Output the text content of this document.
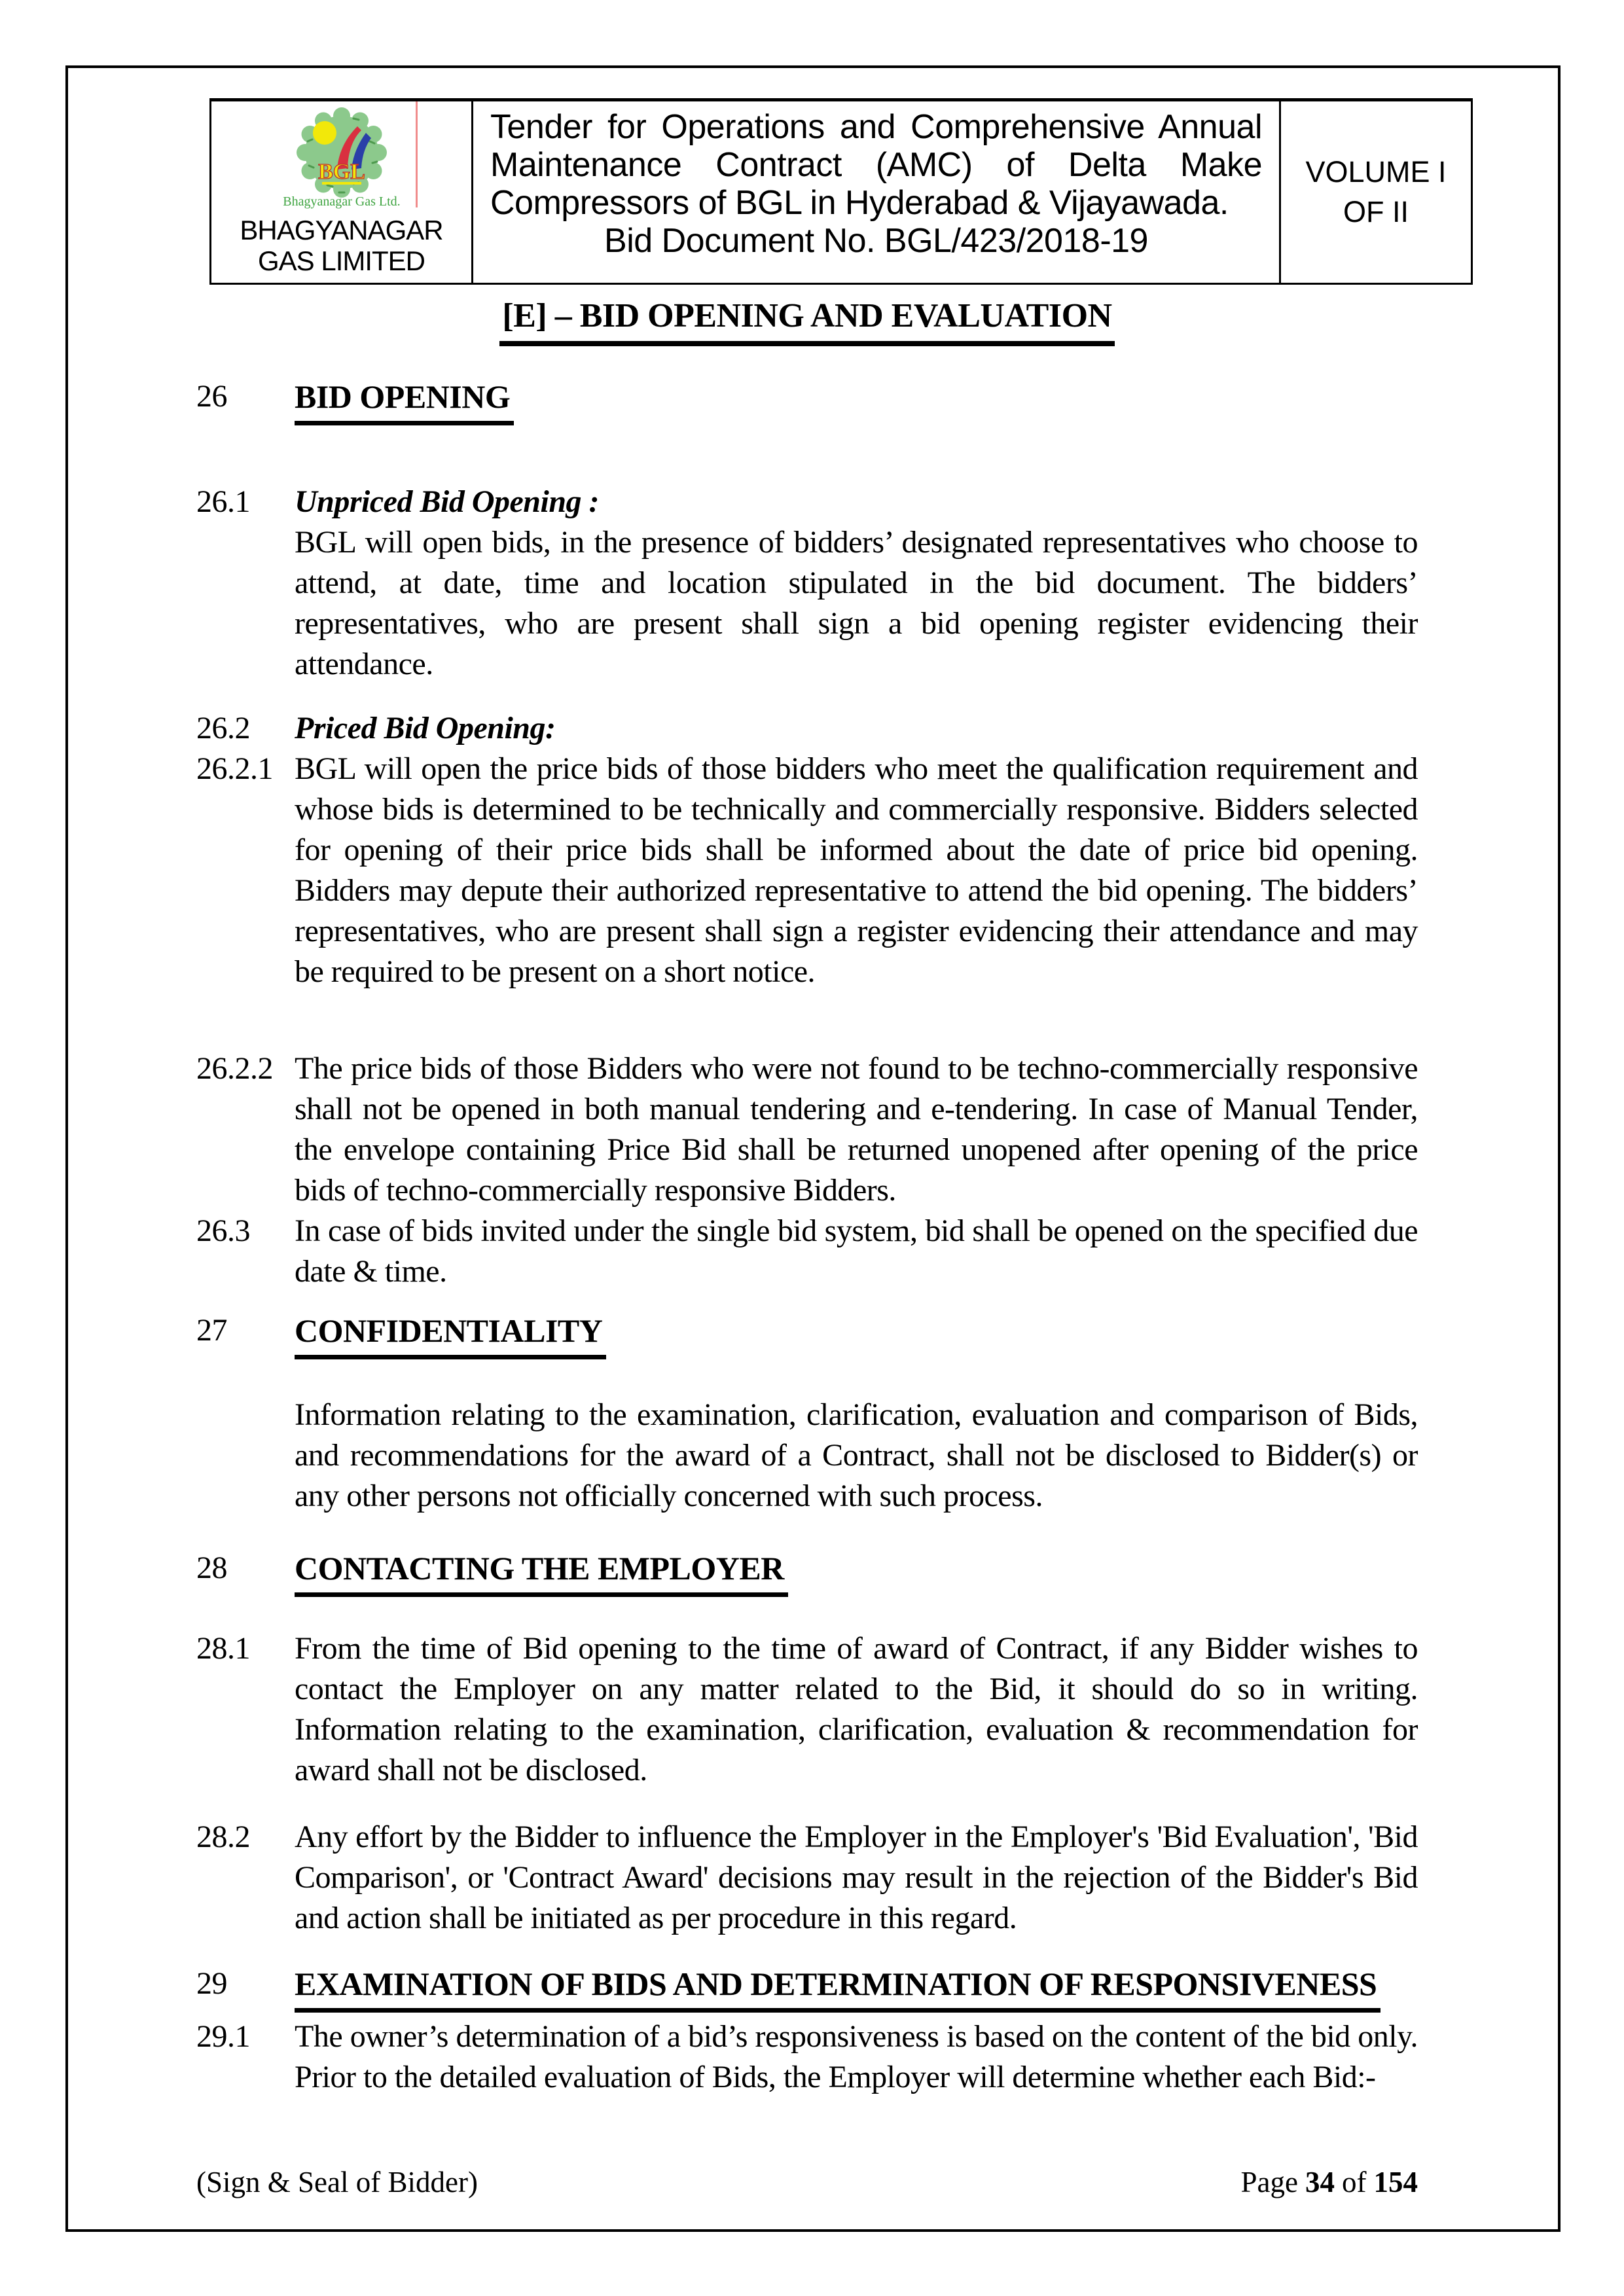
BGL
Bhagyanagar Gas Ltd.
BHAGYANAGAR GAS LIMITED
Tender for Operations and Comprehensive Annual Maintenance Contract (AMC) of Delta Make Compressors of BGL in Hyderabad & Vijayawada.
Bid Document No. BGL/423/2018-19
VOLUME I
OF II
[E] – BID OPENING AND EVALUATION
26	BID OPENING
26.1	Unpriced Bid Opening :
BGL will open bids, in the presence of bidders’ designated representatives who choose to attend, at date, time and location stipulated in the bid document. The bidders’ representatives, who are present shall sign a bid opening register evidencing their attendance.
26.2	Priced Bid Opening:
26.2.1 BGL will open the price bids of those bidders who meet the qualification requirement and whose bids is determined to be technically and commercially responsive. Bidders selected for opening of their price bids shall be informed about the date of price bid opening. Bidders may depute their authorized representative to attend the bid opening. The bidders’ representatives, who are present shall sign a register evidencing their attendance and may be required to be present on a short notice.
26.2.2 The price bids of those Bidders who were not found to be techno-commercially responsive shall not be opened in both manual tendering and e-tendering. In case of Manual Tender, the envelope containing Price Bid shall be returned unopened after opening of the price bids of techno-commercially responsive Bidders.
26.3	In case of bids invited under the single bid system, bid shall be opened on the specified due date & time.
27	CONFIDENTIALITY
Information relating to the examination, clarification, evaluation and comparison of Bids, and recommendations for the award of a Contract, shall not be disclosed to Bidder(s) or any other persons not officially concerned with such process.
28	CONTACTING THE EMPLOYER
28.1	From the time of Bid opening to the time of award of Contract, if any Bidder wishes to contact the Employer on any matter related to the Bid, it should do so in writing. Information relating to the examination, clarification, evaluation & recommendation for award shall not be disclosed.
28.2	Any effort by the Bidder to influence the Employer in the Employer's 'Bid Evaluation', 'Bid Comparison', or 'Contract Award' decisions may result in the rejection of the Bidder's Bid and action shall be initiated as per procedure in this regard.
29	EXAMINATION OF BIDS AND DETERMINATION OF RESPONSIVENESS
29.1	The owner’s determination of a bid’s responsiveness is based on the content of the bid only. Prior to the detailed evaluation of Bids, the Employer will determine whether each Bid:-
(Sign & Seal of Bidder)	Page 34 of 154
